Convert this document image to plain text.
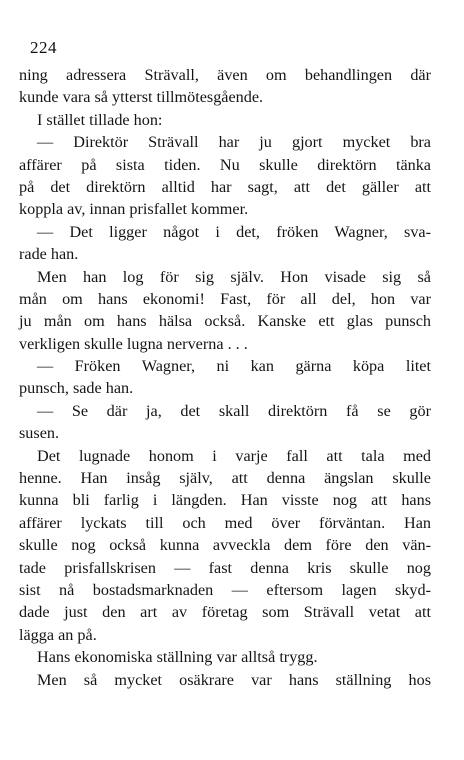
224
ning adressera Strävall, även om behandlingen där
kunde vara så ytterst tillmötesgående.
I stället tillade hon:
— Direktör Strävall har ju gjort mycket bra
affärer på sista tiden. Nu skulle direktörn tänka
på det direktörn alltid har sagt, att det gäller att
koppla av, innan prisfallet kommer.
— Det ligger något i det, fröken Wagner, sva-
rade han.
Men han log för sig själv. Hon visade sig så
mån om hans ekonomi! Fast, för all del, hon var
ju mån om hans hälsa också. Kanske ett glas punsch
verkligen skulle lugna nerverna . . .
— Fröken Wagner, ni kan gärna köpa litet
punsch, sade han.
— Se där ja, det skall direktörn få se gör
susen.
Det lugnade honom i varje fall att tala med
henne. Han insåg själv, att denna ängslan skulle
kunna bli farlig i längden. Han visste nog att hans
affärer lyckats till och med över förväntan. Han
skulle nog också kunna avveckla dem före den vän-
tade prisfallskrisen — fast denna kris skulle nog
sist nå bostadsmarknaden — eftersom lagen skyd-
dade just den art av företag som Strävall vetat att
lägga an på.
Hans ekonomiska ställning var alltså trygg.
Men så mycket osäkrare var hans ställning hos
